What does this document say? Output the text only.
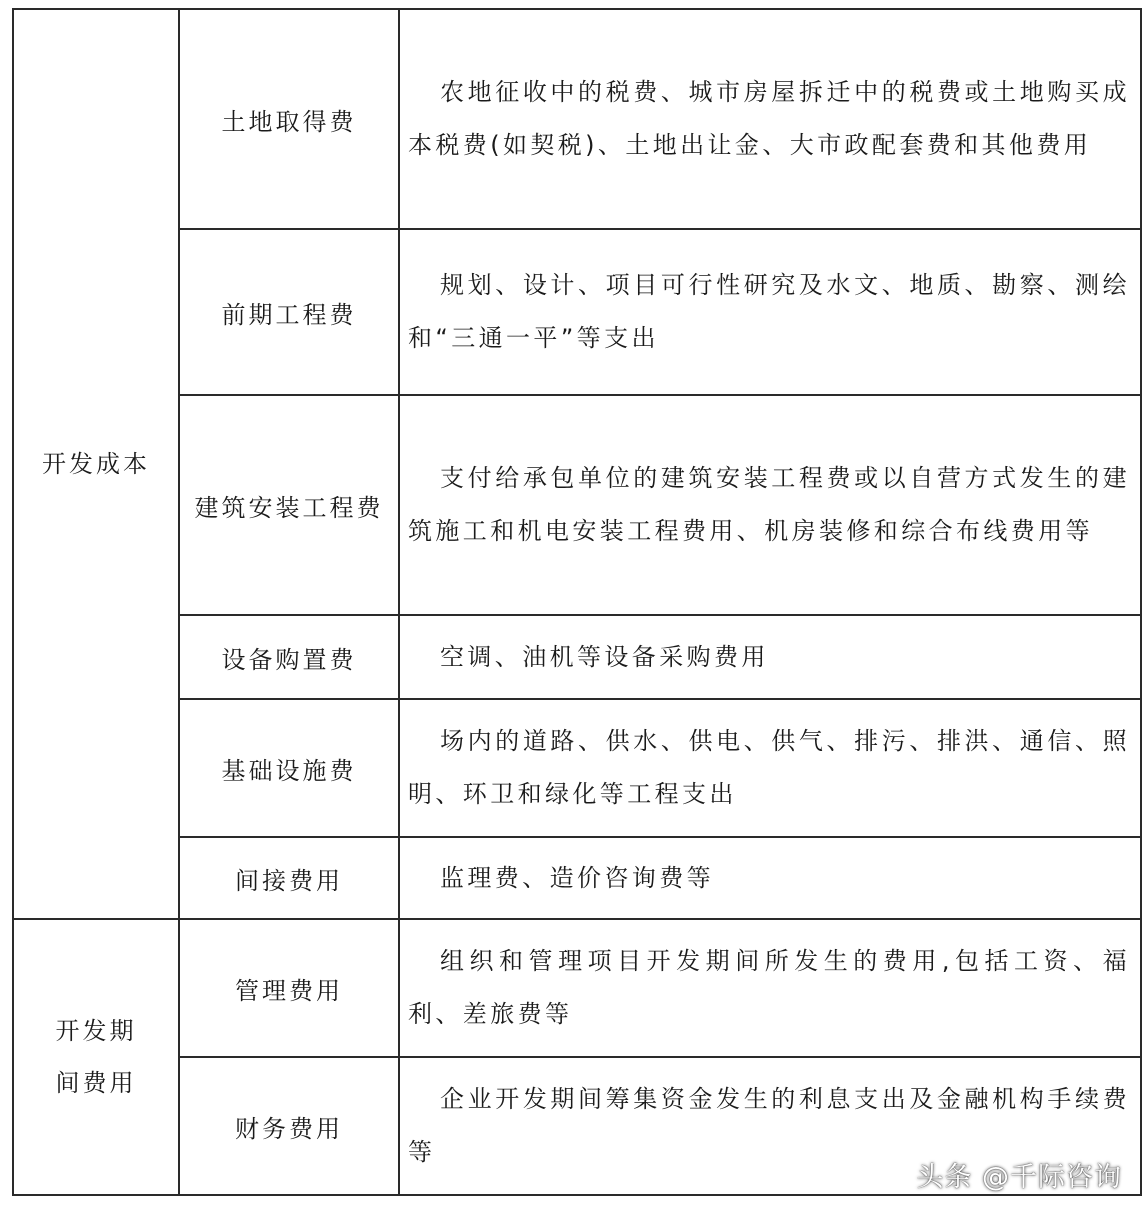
开发成本	土地取得费	农地征收中的税费、城市房屋拆迁中的税费或土地购买成本税费(如契税)、土地出让金、大市政配套费和其他费用
	前期工程费	规划、设计、项目可行性研究及水文、地质、勘察、测绘和“三通一平”等支出
	建筑安装工程费	支付给承包单位的建筑安装工程费或以自营方式发生的建筑施工和机电安装工程费用、机房装修和综合布线费用等
	设备购置费	空调、油机等设备采购费用
	基础设施费	场内的道路、供水、供电、供气、排污、排洪、通信、照明、环卫和绿化等工程支出
	间接费用	监理费、造价咨询费等
开发期间费用	管理费用	组织和管理项目开发期间所发生的费用,包括工资、福利、差旅费等
	财务费用	企业开发期间筹集资金发生的利息支出及金融机构手续费等
头条 @千际咨询
